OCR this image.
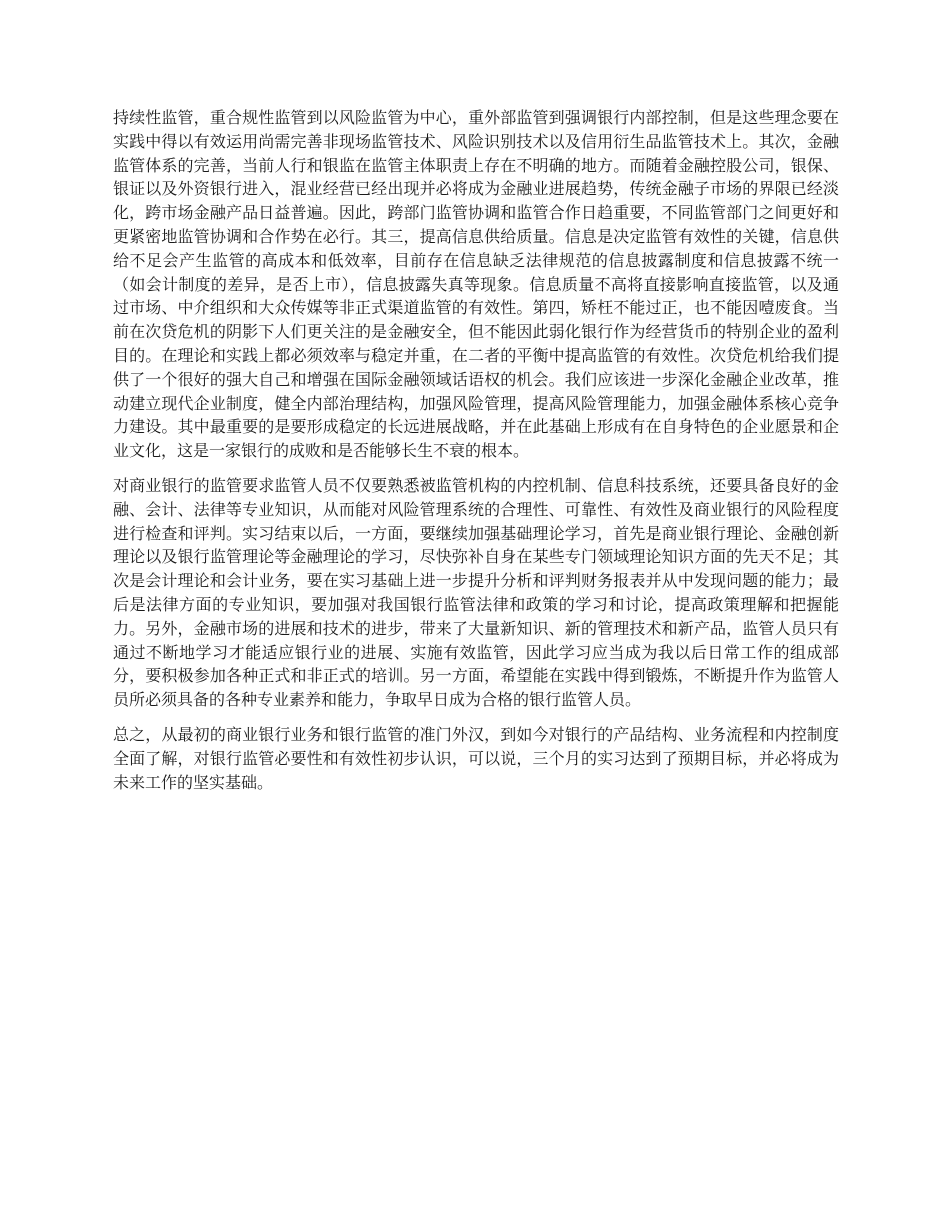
持续性监管，重合规性监管到以风险监管为中心，重外部监管到强调银行内部控制，但是这些理念要在实践中得以有效运用尚需完善非现场监管技术、风险识别技术以及信用衍生品监管技术上。其次，金融监管体系的完善，当前人行和银监在监管主体职责上存在不明确的地方。而随着金融控股公司，银保、银证以及外资银行进入，混业经营已经出现并必将成为金融业进展趋势，传统金融子市场的界限已经淡化，跨市场金融产品日益普遍。因此，跨部门监管协调和监管合作日趋重要，不同监管部门之间更好和更紧密地监管协调和合作势在必行。其三，提高信息供给质量。信息是决定监管有效性的关键，信息供给不足会产生监管的高成本和低效率，目前存在信息缺乏法律规范的信息披露制度和信息披露不统一（如会计制度的差异，是否上市），信息披露失真等现象。信息质量不高将直接影响直接监管，以及通过市场、中介组织和大众传媒等非正式渠道监管的有效性。第四，矫枉不能过正，也不能因噎废食。当前在次贷危机的阴影下人们更关注的是金融安全，但不能因此弱化银行作为经营货币的特别企业的盈利目的。在理论和实践上都必须效率与稳定并重，在二者的平衡中提高监管的有效性。次贷危机给我们提供了一个很好的强大自己和增强在国际金融领域话语权的机会。我们应该进一步深化金融企业改革，推动建立现代企业制度，健全内部治理结构，加强风险管理，提高风险管理能力，加强金融体系核心竞争力建设。其中最重要的是要形成稳定的长远进展战略，并在此基础上形成有在自身特色的企业愿景和企业文化，这是一家银行的成败和是否能够长生不衰的根本。

对商业银行的监管要求监管人员不仅要熟悉被监管机构的内控机制、信息科技系统，还要具备良好的金融、会计、法律等专业知识，从而能对风险管理系统的合理性、可靠性、有效性及商业银行的风险程度进行检查和评判。实习结束以后，一方面，要继续加强基础理论学习，首先是商业银行理论、金融创新理论以及银行监管理论等金融理论的学习，尽快弥补自身在某些专门领域理论知识方面的先天不足；其次是会计理论和会计业务，要在实习基础上进一步提升分析和评判财务报表并从中发现问题的能力；最后是法律方面的专业知识，要加强对我国银行监管法律和政策的学习和讨论，提高政策理解和把握能力。另外，金融市场的进展和技术的进步，带来了大量新知识、新的管理技术和新产品，监管人员只有通过不断地学习才能适应银行业的进展、实施有效监管，因此学习应当成为我以后日常工作的组成部分，要积极参加各种正式和非正式的培训。另一方面，希望能在实践中得到锻炼，不断提升作为监管人员所必须具备的各种专业素养和能力，争取早日成为合格的银行监管人员。

总之，从最初的商业银行业务和银行监管的准门外汉，到如今对银行的产品结构、业务流程和内控制度全面了解，对银行监管必要性和有效性初步认识，可以说，三个月的实习达到了预期目标，并必将成为未来工作的坚实基础。
